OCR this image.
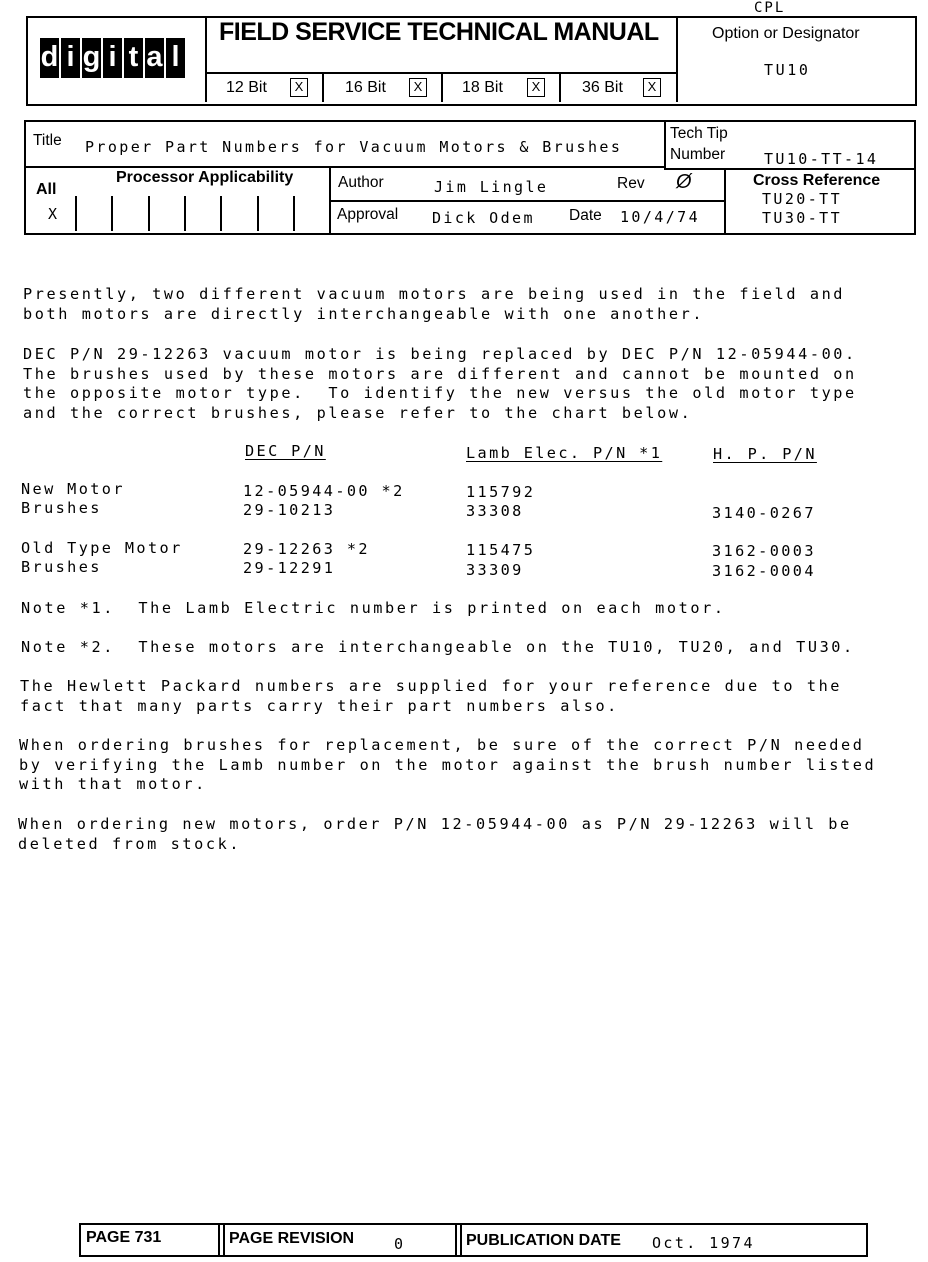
CPL
d i g i t a l
FIELD SERVICE TECHNICAL MANUAL
12 Bit	X	16 Bit	X 18 Bit	X	36 Bit	X
Option or Designator
TU10
Title Proper Part Numbers for Vacuum Motors & Brushes
Tech Tip
Number	TU10-TT-14
All
X
Processor Applicability	Author	Jim Lingle	Rev Ø
Approval Dick Odem Date 10/4/74
Cross Reference
TU20-TT
TU30-TT
Presently, two different vacuum motors are being used in the field and
both motors are directly interchangeable with one another.
DEC P/N 29-12263 vacuum motor is being replaced by DEC P/N 12-05944-00.
The brushes used by these motors are different and cannot be mounted on
the opposite motor type.  To identify the new versus the old motor type
and the correct brushes, please refer to the chart below.
DEC P/N	Lamb Elec. P/N *1	H. P. P/N
New Motor	12-05944-00 *2	115792
Brushes	29-10213	33308	3140-0267
Old Type Motor	29-12263 *2	115475	3162-0003
Brushes	29-12291	33309	3162-0004
Note *1.  The Lamb Electric number is printed on each motor.
Note *2.  These motors are interchangeable on the TU10, TU20, and TU30.
The Hewlett Packard numbers are supplied for your reference due to the
fact that many parts carry their part numbers also.
When ordering brushes for replacement, be sure of the correct P/N needed
by verifying the Lamb number on the motor against the brush number listed
with that motor.
When ordering new motors, order P/N 12-05944-00 as P/N 29-12263 will be
deleted from stock.
PAGE 731	PAGE REVISION	0	PUBLICATION DATE Oct. 1974
